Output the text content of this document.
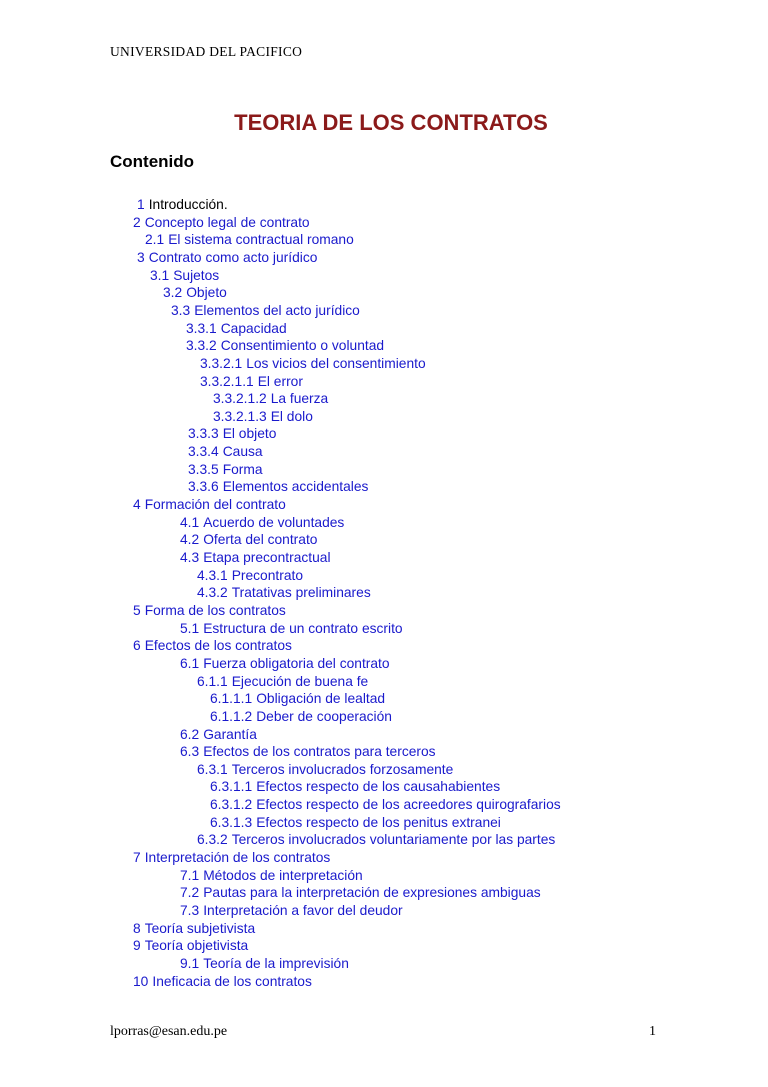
UNIVERSIDAD DEL PACIFICO
TEORIA DE LOS CONTRATOS
Contenido
1 Introducción.
2 Concepto legal de contrato
2.1 El sistema contractual romano
3 Contrato como acto jurídico
3.1 Sujetos
3.2 Objeto
3.3 Elementos del acto jurídico
3.3.1 Capacidad
3.3.2 Consentimiento o voluntad
3.3.2.1 Los vicios del consentimiento
3.3.2.1.1 El error
3.3.2.1.2 La fuerza
3.3.2.1.3 El dolo
3.3.3 El objeto
3.3.4 Causa
3.3.5 Forma
3.3.6 Elementos accidentales
4 Formación del contrato
4.1 Acuerdo de voluntades
4.2 Oferta del contrato
4.3 Etapa precontractual
4.3.1 Precontrato
4.3.2 Tratativas preliminares
5 Forma de los contratos
5.1 Estructura de un contrato escrito
6 Efectos de los contratos
6.1 Fuerza obligatoria del contrato
6.1.1 Ejecución de buena fe
6.1.1.1 Obligación de lealtad
6.1.1.2 Deber de cooperación
6.2 Garantía
6.3 Efectos de los contratos para terceros
6.3.1 Terceros involucrados forzosamente
6.3.1.1 Efectos respecto de los causahabientes
6.3.1.2 Efectos respecto de los acreedores quirografarios
6.3.1.3 Efectos respecto de los penitus extranei
6.3.2 Terceros involucrados voluntariamente por las partes
7 Interpretación de los contratos
7.1 Métodos de interpretación
7.2 Pautas para la interpretación de expresiones ambiguas
7.3 Interpretación a favor del deudor
8 Teoría subjetivista
9 Teoría objetivista
9.1 Teoría de la imprevisión
10 Ineficacia de los contratos
lporras@esan.edu.pe	1
